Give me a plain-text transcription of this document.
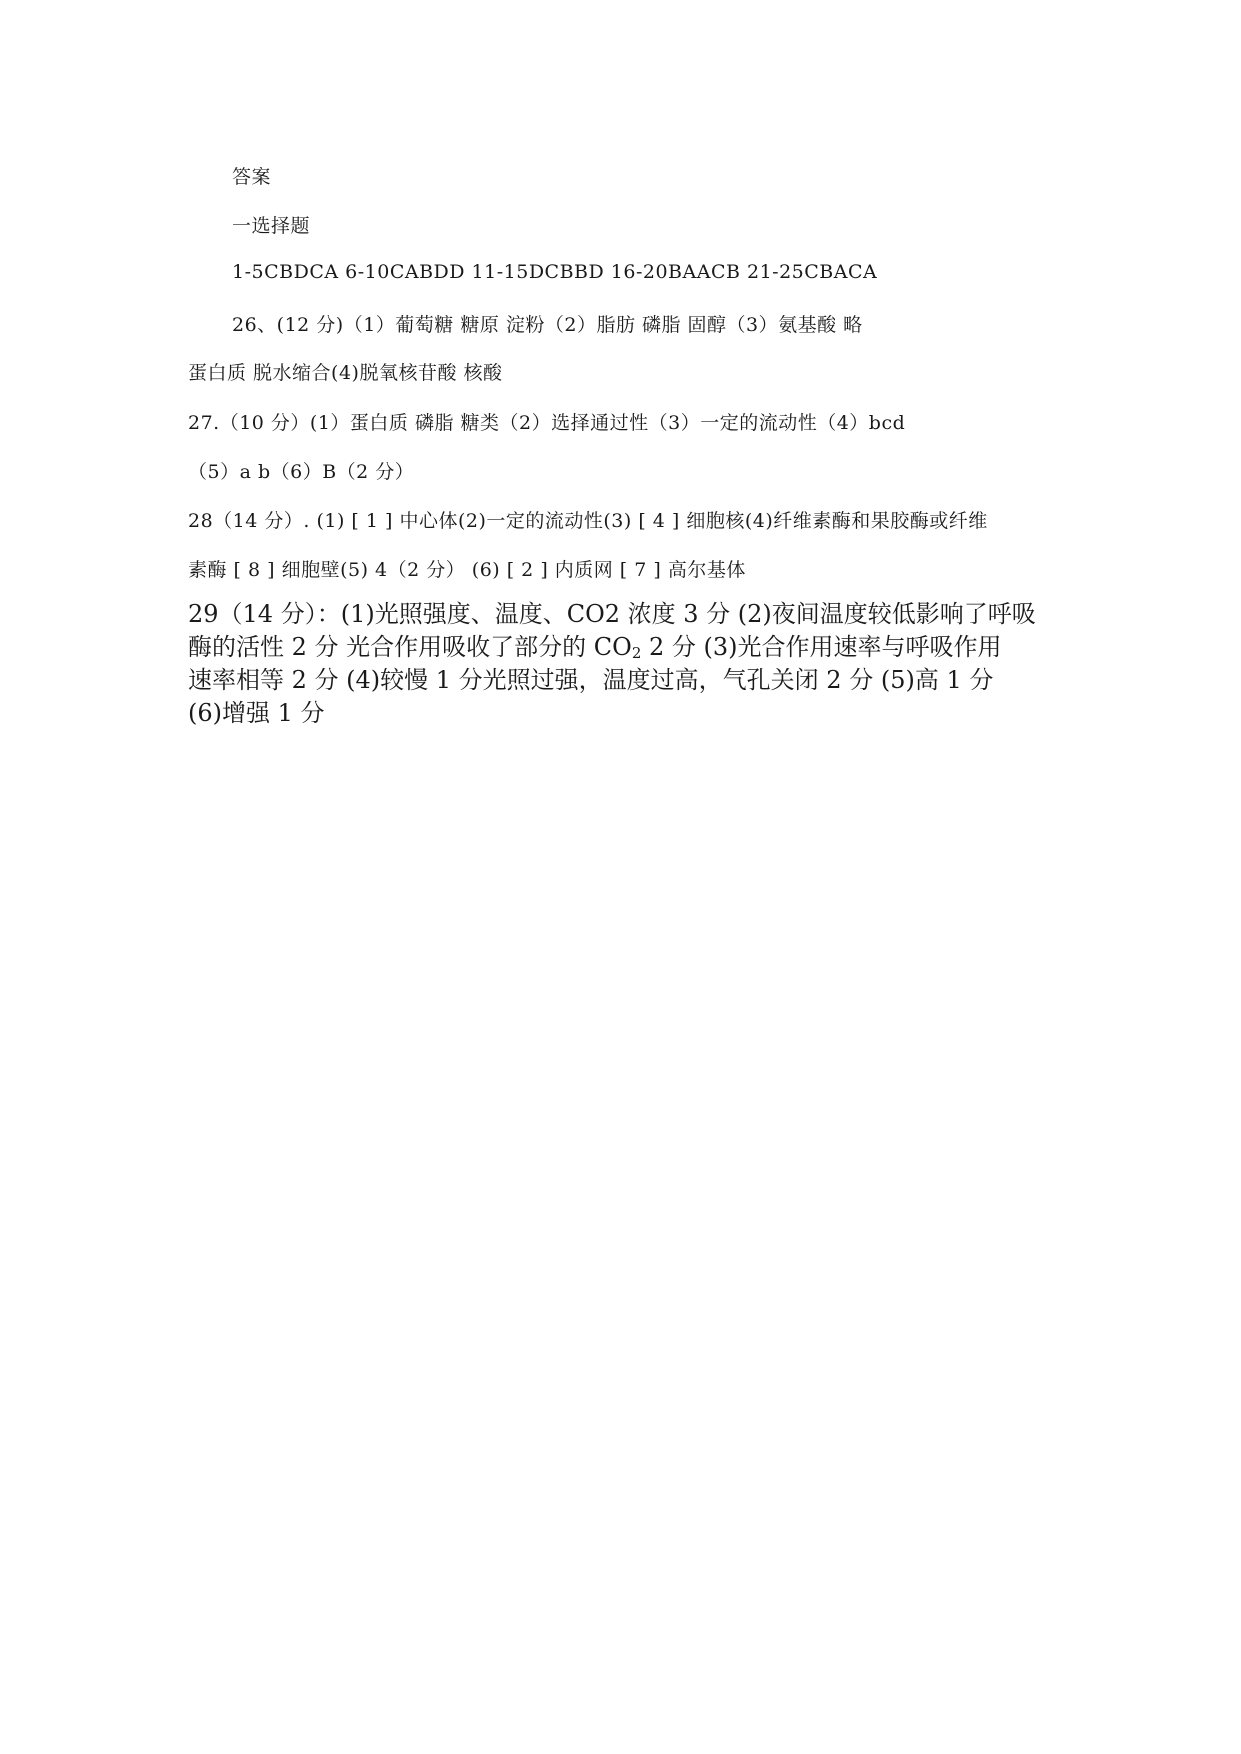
答案
一选择题
1-5CBDCA 6-10CABDD 11-15DCBBD 16-20BAACB 21-25CBACA
26、(12 分)（1）葡萄糖 糖原 淀粉（2）脂肪 磷脂 固醇（3）氨基酸 略
蛋白质 脱水缩合(4)脱氧核苷酸 核酸
27.（10 分）(1）蛋白质 磷脂 糖类（2）选择通过性（3）一定的流动性（4）bcd
（5）a b（6）B（2 分）
28（14 分）. (1) [ 1 ] 中心体(2)一定的流动性(3) [ 4 ] 细胞核(4)纤维素酶和果胶酶或纤维
素酶 [ 8 ] 细胞壁(5) 4（2 分） (6) [ 2 ] 内质网 [ 7 ] 高尔基体
29（14 分）：(1)光照强度、温度、CO2 浓度 3 分 (2)夜间温度较低影响了呼吸
酶的活性 2 分 光合作用吸收了部分的 $CO_2$ 2 分 (3)光合作用速率与呼吸作用
速率相等 2 分 (4)较慢 1 分光照过强，温度过高，气孔关闭 2 分 (5)高 1 分
(6)增强 1 分
